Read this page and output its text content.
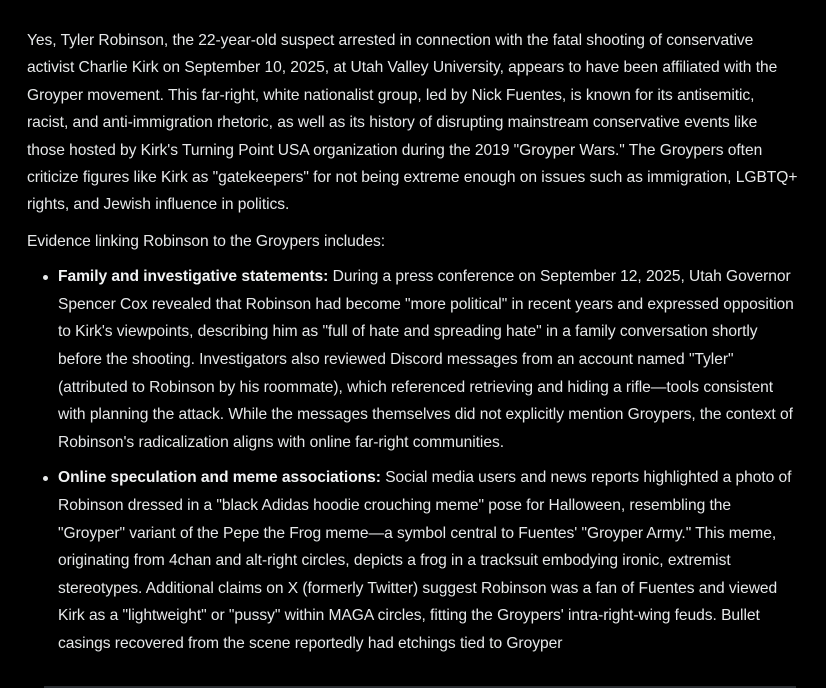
Yes, Tyler Robinson, the 22-year-old suspect arrested in connection with the fatal shooting of conservative activist Charlie Kirk on September 10, 2025, at Utah Valley University, appears to have been affiliated with the Groyper movement. This far-right, white nationalist group, led by Nick Fuentes, is known for its antisemitic, racist, and anti-immigration rhetoric, as well as its history of disrupting mainstream conservative events like those hosted by Kirk's Turning Point USA organization during the 2019 "Groyper Wars." The Groypers often criticize figures like Kirk as "gatekeepers" for not being extreme enough on issues such as immigration, LGBTQ+ rights, and Jewish influence in politics.

Evidence linking Robinson to the Groypers includes:

Family and investigative statements: During a press conference on September 12, 2025, Utah Governor Spencer Cox revealed that Robinson had become "more political" in recent years and expressed opposition to Kirk's viewpoints, describing him as "full of hate and spreading hate" in a family conversation shortly before the shooting. Investigators also reviewed Discord messages from an account named "Tyler" (attributed to Robinson by his roommate), which referenced retrieving and hiding a rifle—tools consistent with planning the attack. While the messages themselves did not explicitly mention Groypers, the context of Robinson's radicalization aligns with online far-right communities.
Online speculation and meme associations: Social media users and news reports highlighted a photo of Robinson dressed in a "black Adidas hoodie crouching meme" pose for Halloween, resembling the "Groyper" variant of the Pepe the Frog meme—a symbol central to Fuentes' "Groyper Army." This meme, originating from 4chan and alt-right circles, depicts a frog in a tracksuit embodying ironic, extremist stereotypes. Additional claims on X (formerly Twitter) suggest Robinson was a fan of Fuentes and viewed Kirk as a "lightweight" or "pussy" within MAGA circles, fitting the Groypers' intra-right-wing feuds. Bullet casings recovered from the scene reportedly had etchings tied to Groyper
